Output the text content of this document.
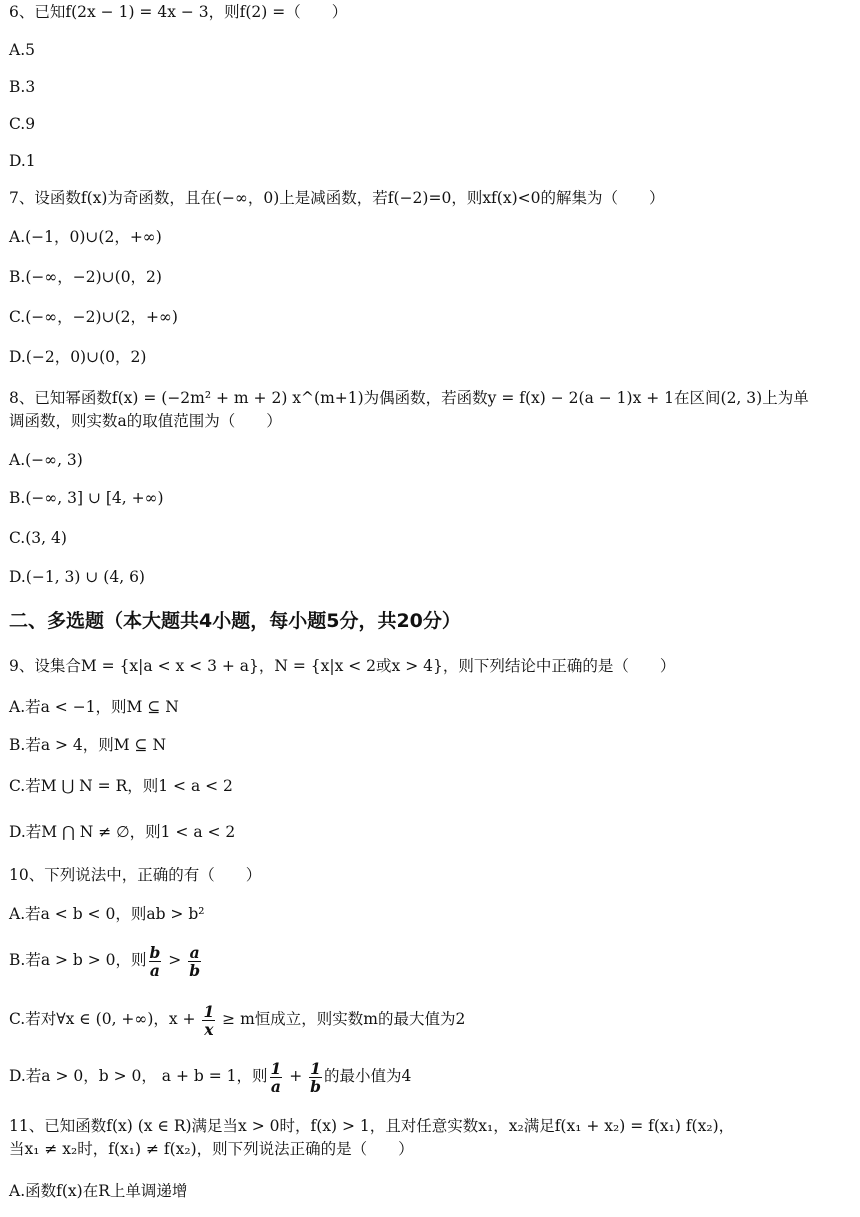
6、已知f(2x − 1) = 4x − 3，则f(2) =（　　）
A.5
B.3
C.9
D.1
7、设函数f(x)为奇函数，且在(−∞，0)上是减函数，若f(−2)=0，则xf(x)<0的解集为（　　）
A.(−1，0)∪(2，+∞)
B.(−∞，−2)∪(0，2)
C.(−∞，−2)∪(2，+∞)
D.(−2，0)∪(0，2)
8、已知幂函数f(x) = (−2m² + m + 2) x^(m+1)为偶函数，若函数y = f(x) − 2(a − 1)x + 1在区间(2, 3)上为单
调函数，则实数a的取值范围为（　　）
A.(−∞, 3)
B.(−∞, 3] ∪ [4, +∞)
C.(3, 4)
D.(−1, 3) ∪ (4, 6)
二、多选题（本大题共4小题，每小题5分，共20分）
9、设集合M = {x|a < x < 3 + a}，N = {x|x < 2或x > 4}，则下列结论中正确的是（　　）
A.若a < −1，则M ⊆ N
B.若a > 4，则M ⊆ N
C.若M ⋃ N = R，则1 < a < 2
D.若M ⋂ N ≠ ∅，则1 < a < 2
10、下列说法中，正确的有（　　）
A.若a < b < 0，则ab > b²
B.若a > b > 0，则 $\frac{b}{a} > \frac{a}{b}$
C.若对∀x ∈ (0, +∞)，$x + \frac{1}{x} \ge m$恒成立，则实数m的最大值为2
D.若a > 0，b > 0， a + b = 1，则 $\frac{1}{a} + \frac{1}{b}$ 的最小值为4
11、已知函数f(x) (x ∈ R)满足当x > 0时，f(x) > 1，且对任意实数x₁，x₂满足f(x₁ + x₂) = f(x₁) f(x₂)，
当x₁ ≠ x₂时，f(x₁) ≠ f(x₂)，则下列说法正确的是（　　）
A.函数f(x)在R上单调递增
